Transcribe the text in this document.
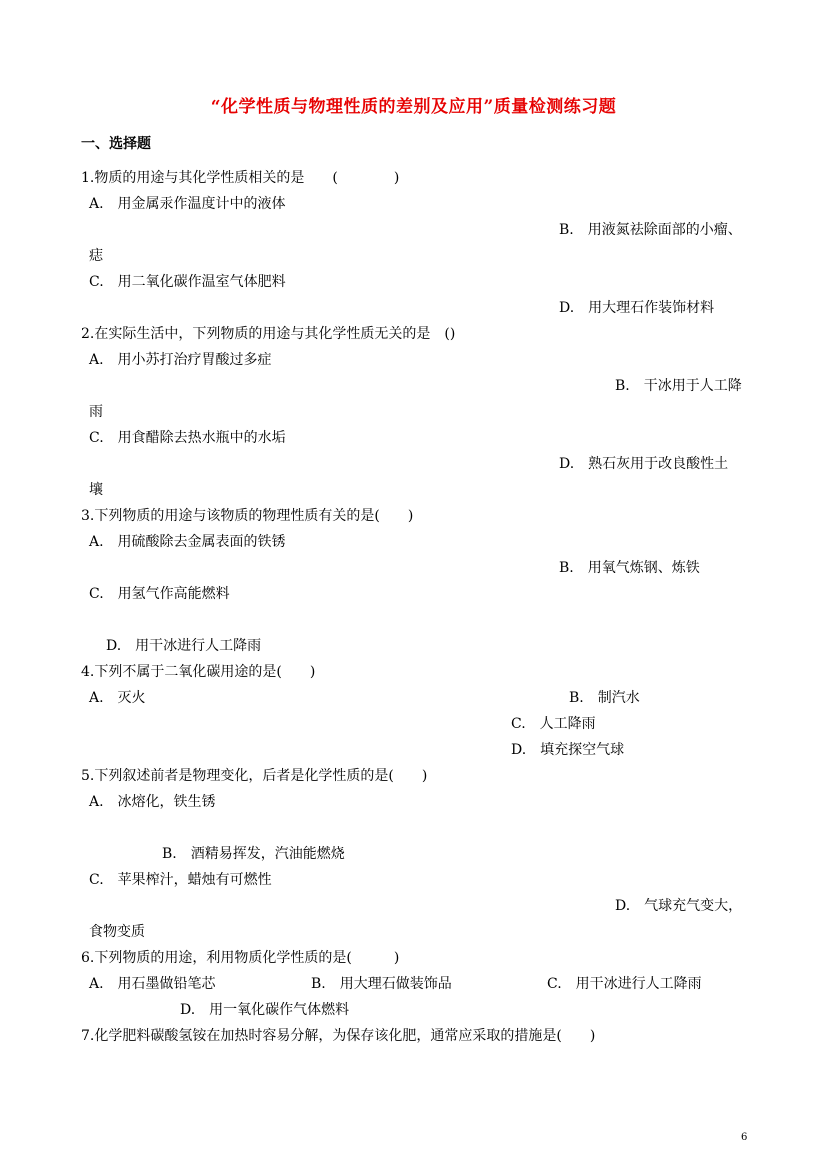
“化学性质与物理性质的差别及应用”质量检测练习题
一、选择题
1.物质的用途与其化学性质相关的是　　(　　　　)
A.　用金属汞作温度计中的液体
B.　用液氮祛除面部的小瘤、
痣
C.　用二氧化碳作温室气体肥料
D.　用大理石作装饰材料
2.在实际生活中，下列物质的用途与其化学性质无关的是　()
A.　用小苏打治疗胃酸过多症
B.　干冰用于人工降
雨
C.　用食醋除去热水瓶中的水垢
D.　熟石灰用于改良酸性土
壤
3.下列物质的用途与该物质的物理性质有关的是(　　)
A.　用硫酸除去金属表面的铁锈
B.　用氧气炼钢、炼铁
C.　用氢气作高能燃料
D.　用干冰进行人工降雨
4.下列不属于二氧化碳用途的是(　　)
A.　灭火	B.　制汽水
C.　人工降雨
D.　填充探空气球
5.下列叙述前者是物理变化，后者是化学性质的是(　　)
A.　冰熔化，铁生锈
B.　酒精易挥发，汽油能燃烧
C.　苹果榨汁，蜡烛有可燃性
D.　气球充气变大，
食物变质
6.下列物质的用途，利用物质化学性质的是(　　　)
A.　用石墨做铅笔芯	B.　用大理石做装饰品	C.　用干冰进行人工降雨
D.　用一氧化碳作气体燃料
7.化学肥料碳酸氢铵在加热时容易分解，为保存该化肥，通常应采取的措施是(　　)
6
